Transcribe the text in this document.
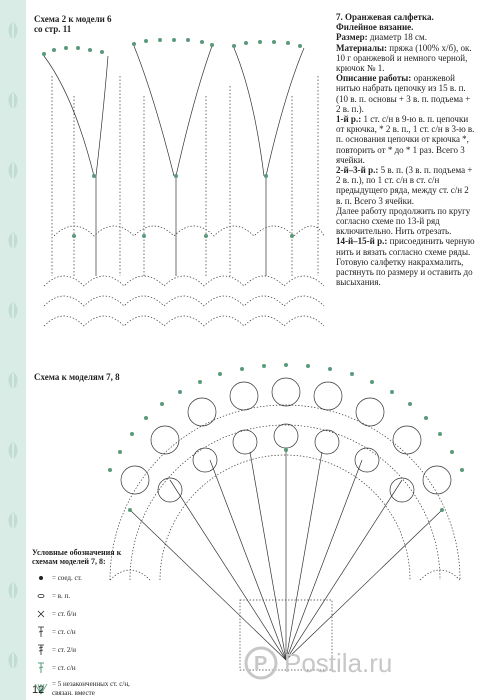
Схема 2 к модели 6 со стр. 11

7. Оранжевая салфетка.

Филейное вязание.

Размер: диаметр 18 см.

Материалы: пряжа (100% х/б), ок. 10 г оранжевой и немного черной, крючок № 1.

Описание работы: оранжевой нитью набрать цепочку из 15 в. п. (10 в. п. основы + 3 в. п. подъема + 2 в. п.).

1-й р.: 1 ст. с/н в 9-ю в. п. цепочки от крючка, * 2 в. п., 1 ст. с/н в 3-ю в. п. основания цепочки от крючка *, повторить от * до * 1 раз. Всего 3 ячейки.

2-й–3-й р.: 5 в. п. (3 в. п. подъема + 2 в. п.), по 1 ст. с/н в ст. с/н предыдущего ряда, между ст. с/н 2 в. п. Всего 3 ячейки.

Далее работу продолжить по кругу согласно схеме по 13-й ряд включительно. Нить отрезать.

14-й–15-й р.: присоединить черную нить и вязать согласно схеме ряды.

Готовую салфетку накрахмалить, растянуть по размеру и оставить до высыхания.

Схема к моделям 7, 8
Условные обозначения к схемам моделей 7, 8:
= соед. ст.
= в. п.
= ст. б/н
= ст. с/н
= ст. 2/н
= ст. с/н
= 5 незаконченных ст. с/н, связан. вместе
12
P Postila.ru
